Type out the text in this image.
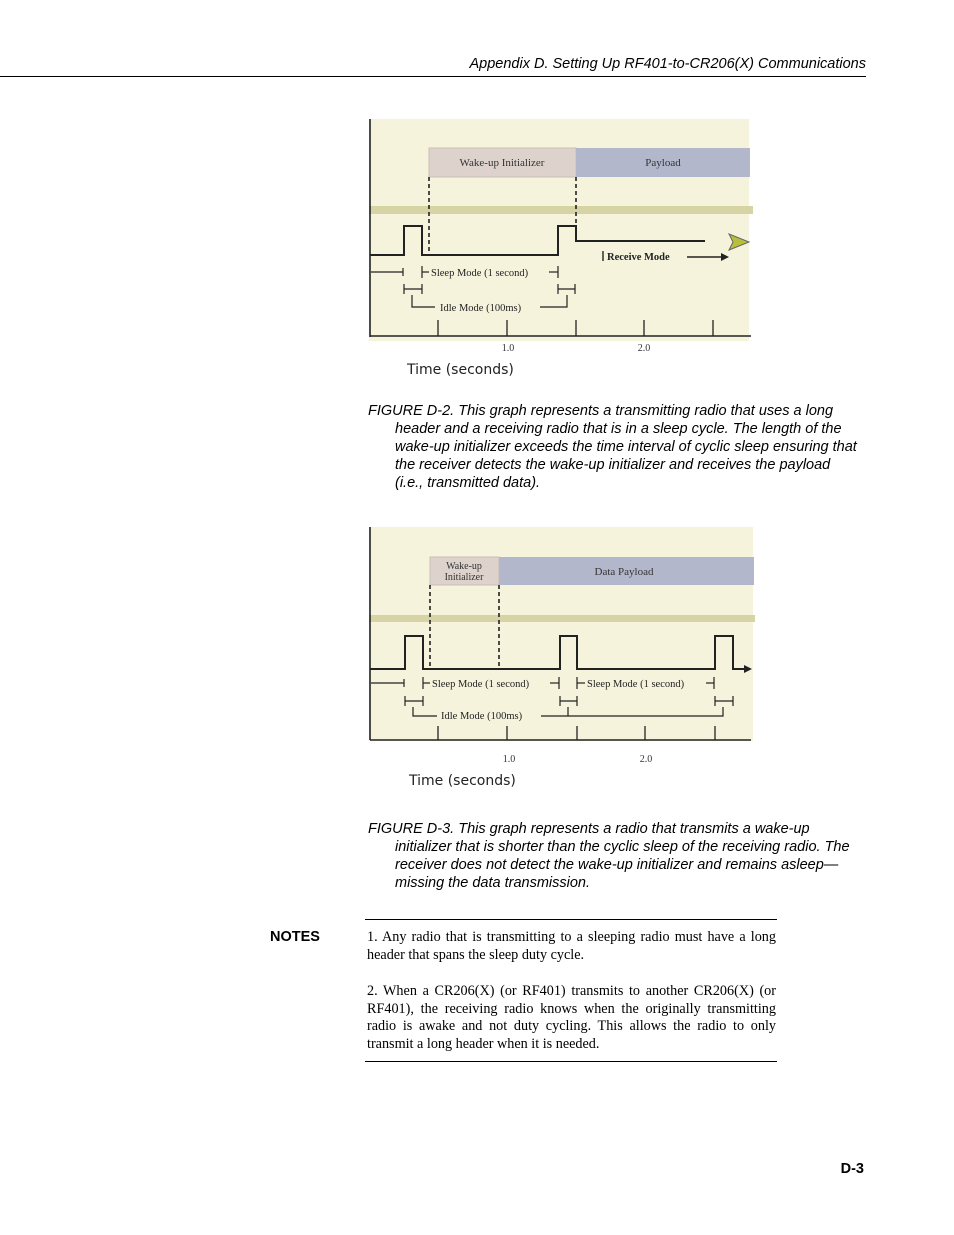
Appendix D. Setting Up RF401-to-CR206(X) Communications
Wake-up Initializer	Payload
Receive Mode
Sleep Mode (1 second)
Idle Mode (100ms)
1.0	2.0
Time (seconds)
FIGURE D-2. This graph represents a transmitting radio that uses a long header and a receiving radio that is in a sleep cycle. The length of the wake-up initializer exceeds the time interval of cyclic sleep ensuring that the receiver detects the wake-up initializer and receives the payload (i.e., transmitted data).
Wake-up
Initializer	Data Payload
Sleep Mode (1 second)	Sleep Mode (1 second)
Idle Mode (100ms)
1.0	2.0
Time (seconds)
FIGURE D-3. This graph represents a radio that transmits a wake-up initializer that is shorter than the cyclic sleep of the receiving radio. The receiver does not detect the wake-up initializer and remains asleep—missing the data transmission.
NOTES	1. Any radio that is transmitting to a sleeping radio must have a long header that spans the sleep duty cycle.
2. When a CR206(X) (or RF401) transmits to another CR206(X) (or RF401), the receiving radio knows when the originally transmitting radio is awake and not duty cycling. This allows the radio to only transmit a long header when it is needed.
D-3
